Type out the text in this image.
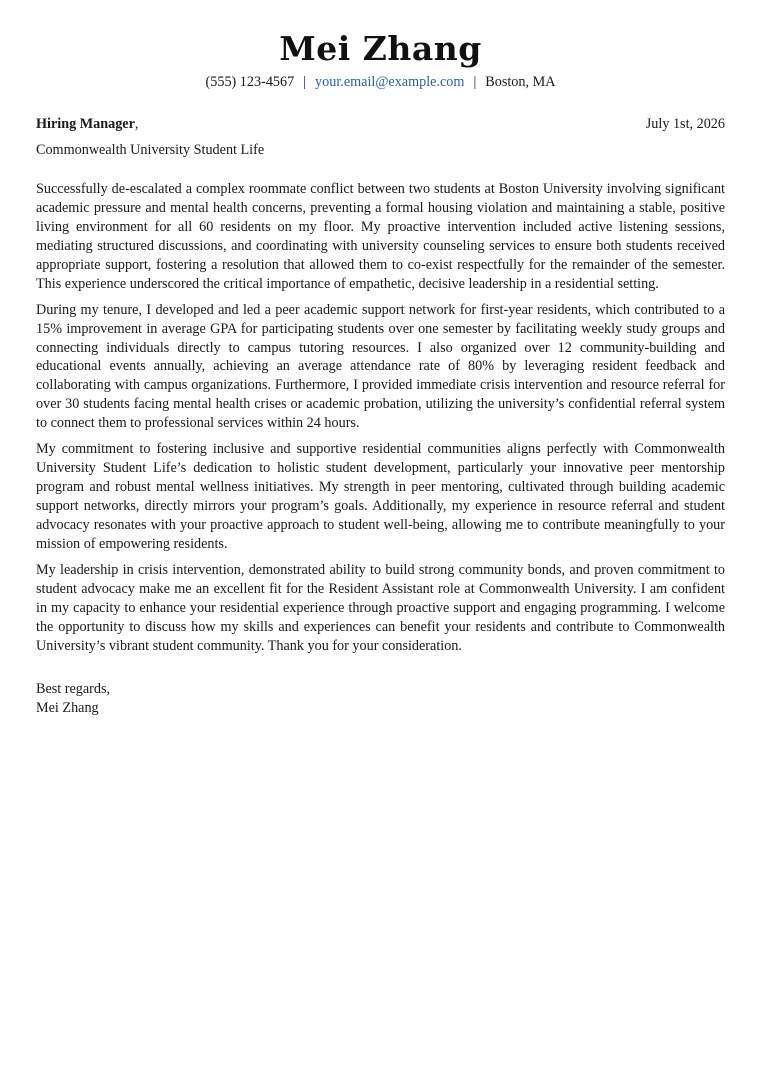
Mei Zhang
(555) 123-4567 | your.email@example.com | Boston, MA
Hiring Manager,	July 1st, 2026
Commonwealth University Student Life

Successfully de-escalated a complex roommate conflict between two students at Boston University involving significant academic pressure and mental health concerns, preventing a formal housing violation and maintaining a stable, positive living environment for all 60 residents on my floor. My proactive intervention included active listening sessions, mediating structured discussions, and coordinating with university counseling services to ensure both students received appropriate support, fostering a resolution that allowed them to co-exist respectfully for the remainder of the semester. This experience underscored the critical importance of empathetic, decisive leadership in a residential setting.

During my tenure, I developed and led a peer academic support network for first-year residents, which contributed to a 15% improvement in average GPA for participating students over one semester by facilitating weekly study groups and connecting individuals directly to campus tutoring resources. I also organized over 12 community-building and educational events annually, achieving an average attendance rate of 80% by leveraging resident feedback and collaborating with campus organizations. Furthermore, I provided immediate crisis intervention and resource referral for over 30 students facing mental health crises or academic probation, utilizing the university’s confidential referral system to connect them to professional services within 24 hours.

My commitment to fostering inclusive and supportive residential communities aligns perfectly with Commonwealth University Student Life’s dedication to holistic student development, particularly your innovative peer mentorship program and robust mental wellness initiatives. My strength in peer mentoring, cultivated through building academic support networks, directly mirrors your program’s goals. Additionally, my experience in resource referral and student advocacy resonates with your proactive approach to student well-being, allowing me to contribute meaningfully to your mission of empowering residents.

My leadership in crisis intervention, demonstrated ability to build strong community bonds, and proven commitment to student advocacy make me an excellent fit for the Resident Assistant role at Commonwealth University. I am confident in my capacity to enhance your residential experience through proactive support and engaging programming. I welcome the opportunity to discuss how my skills and experiences can benefit your residents and contribute to Commonwealth University’s vibrant student community. Thank you for your consideration.

Best regards,
Mei Zhang
